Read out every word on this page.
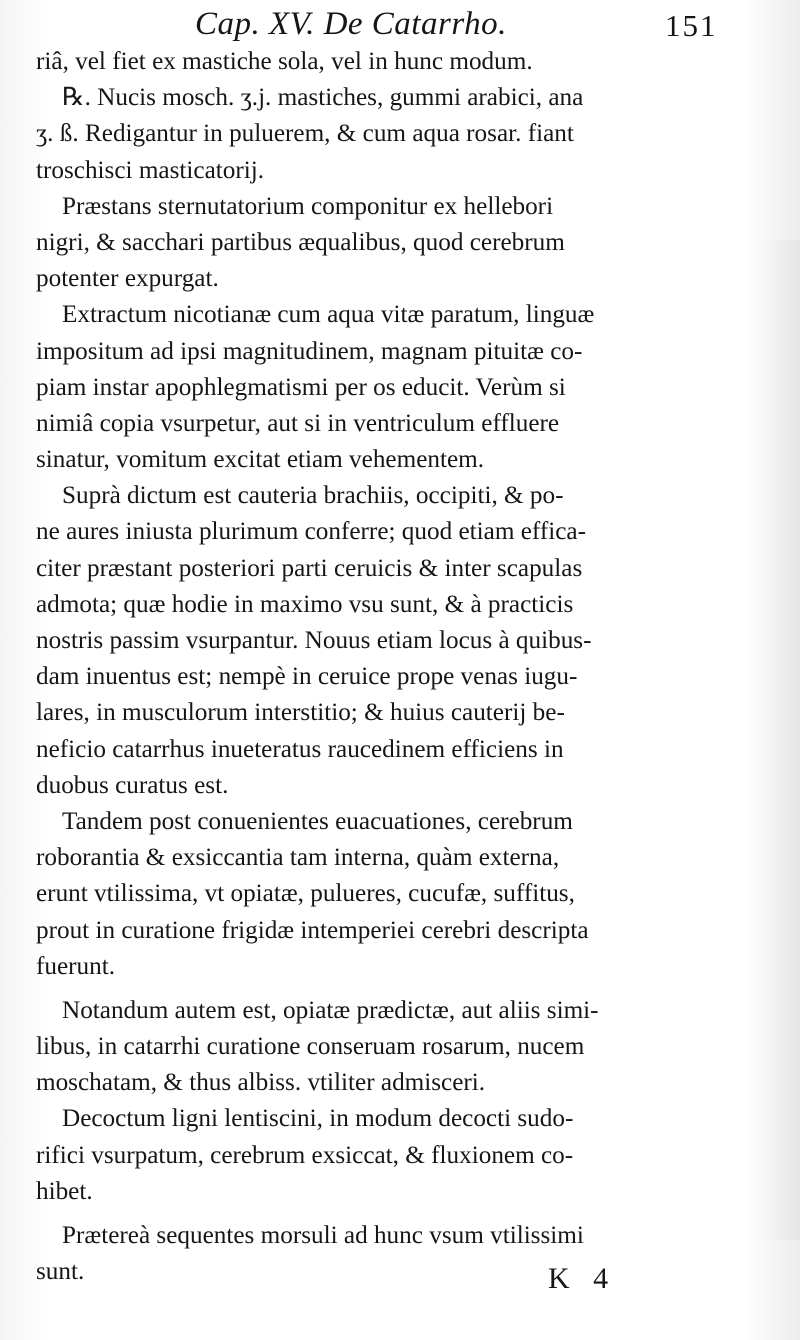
Cap. XV. De Catarrho.	151
riâ, vel fiet ex mastiche sola, vel in hunc modum.
℞. Nucis mosch. ʒ.j. mastiches, gummi arabici, ana
ʒ. ß. Redigantur in puluerem, & cum aqua rosar. fiant
troschisci masticatorij.
Præstans sternutatorium componitur ex hellebori
nigri, & sacchari partibus æqualibus, quod cerebrum
potenter expurgat.
Extractum nicotianæ cum aqua vitæ paratum, linguæ
impositum ad ipsi magnitudinem, magnam pituitæ co-
piam instar apophlegmatismi per os educit. Verùm si
nimiâ copia vsurpetur, aut si in ventriculum effluere
sinatur, vomitum excitat etiam vehementem.
Suprà dictum est cauteria brachiis, occipiti, & po-
ne aures iniusta plurimum conferre; quod etiam effica-
citer præstant posteriori parti ceruicis & inter scapulas
admota; quæ hodie in maximo vsu sunt, & à practicis
nostris passim vsurpantur. Nouus etiam locus à quibus-
dam inuentus est; nempè in ceruice prope venas iugu-
lares, in musculorum interstitio; & huius cauterij be-
neficio catarrhus inueteratus raucedinem efficiens in
duobus curatus est.
Tandem post conuenientes euacuationes, cerebrum
roborantia & exsiccantia tam interna, quàm externa,
erunt vtilissima, vt opiatæ, pulueres, cucufæ, suffitus,
prout in curatione frigidæ intemperiei cerebri descripta
fuerunt.
Notandum autem est, opiatæ prædictæ, aut aliis simi-
libus, in catarrhi curatione conseruam rosarum, nucem
moschatam, & thus albiss. vtiliter admisceri.
Decoctum ligni lentiscini, in modum decocti sudo-
rifici vsurpatum, cerebrum exsiccat, & fluxionem co-
hibet.
Prætereà sequentes morsuli ad hunc vsum vtilissimi
sunt.	K 4
